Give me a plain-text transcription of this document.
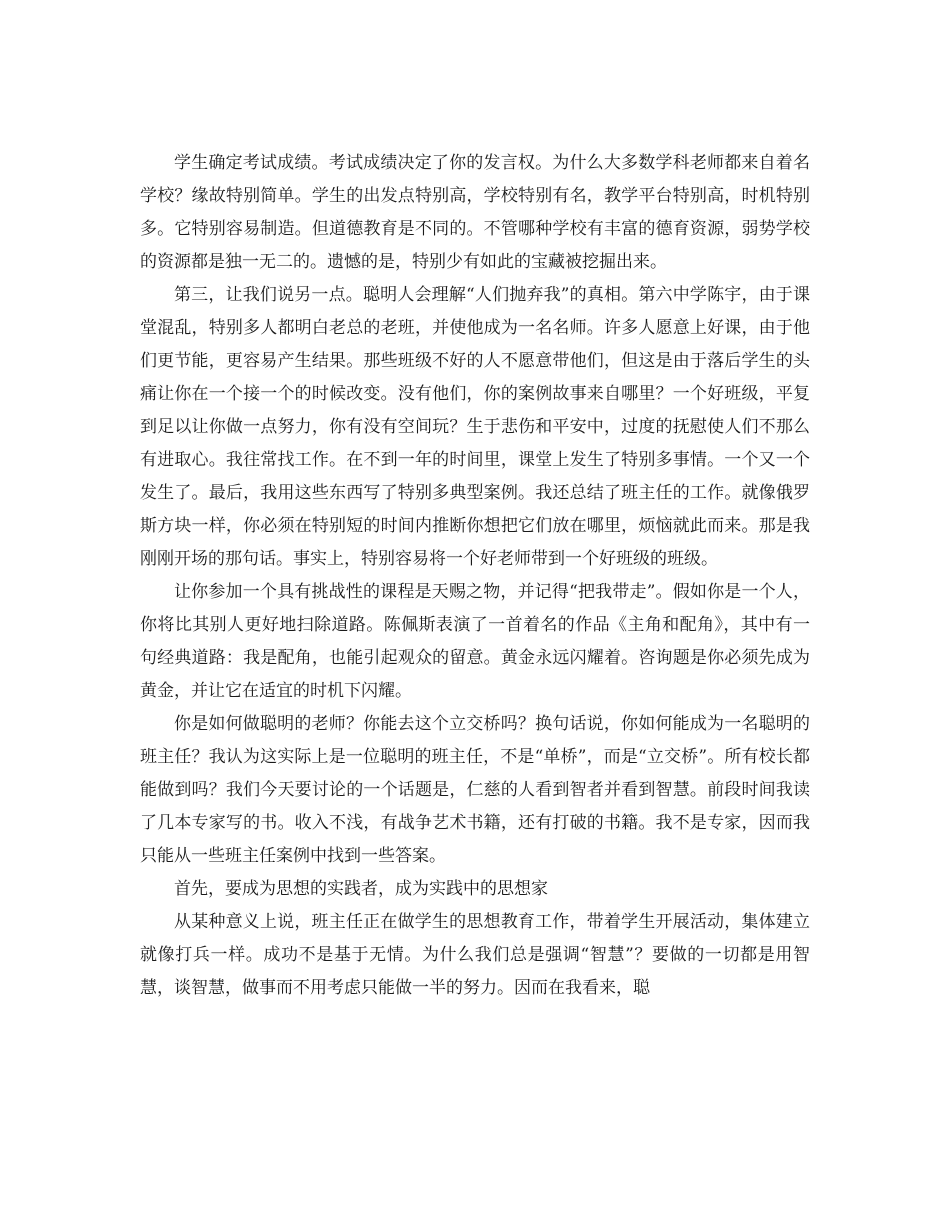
学生确定考试成绩。考试成绩决定了你的发言权。为什么大多数学科老师都来自着名学校？缘故特别简单。学生的出发点特别高，学校特别有名，教学平台特别高，时机特别多。它特别容易制造。但道德教育是不同的。不管哪种学校有丰富的德育资源，弱势学校的资源都是独一无二的。遗憾的是，特别少有如此的宝藏被挖掘出来。

第三，让我们说另一点。聪明人会理解“人们抛弃我”的真相。第六中学陈宇，由于课堂混乱，特别多人都明白老总的老班，并使他成为一名名师。许多人愿意上好课，由于他们更节能，更容易产生结果。那些班级不好的人不愿意带他们，但这是由于落后学生的头痛让你在一个接一个的时候改变。没有他们，你的案例故事来自哪里？一个好班级，平复到足以让你做一点努力，你有没有空间玩？生于悲伤和平安中，过度的抚慰使人们不那么有进取心。我往常找工作。在不到一年的时间里，课堂上发生了特别多事情。一个又一个发生了。最后，我用这些东西写了特别多典型案例。我还总结了班主任的工作。就像俄罗斯方块一样，你必须在特别短的时间内推断你想把它们放在哪里，烦恼就此而来。那是我刚刚开场的那句话。事实上，特别容易将一个好老师带到一个好班级的班级。

让你参加一个具有挑战性的课程是天赐之物，并记得“把我带走”。假如你是一个人，你将比其别人更好地扫除道路。陈佩斯表演了一首着名的作品《主角和配角》，其中有一句经典道路：我是配角，也能引起观众的留意。黄金永远闪耀着。咨询题是你必须先成为黄金，并让它在适宜的时机下闪耀。

你是如何做聪明的老师？你能去这个立交桥吗？换句话说，你如何能成为一名聪明的班主任？我认为这实际上是一位聪明的班主任，不是“单桥”，而是“立交桥”。所有校长都能做到吗？我们今天要讨论的一个话题是，仁慈的人看到智者并看到智慧。前段时间我读了几本专家写的书。收入不浅，有战争艺术书籍，还有打破的书籍。我不是专家，因而我只能从一些班主任案例中找到一些答案。

首先，要成为思想的实践者，成为实践中的思想家

从某种意义上说，班主任正在做学生的思想教育工作，带着学生开展活动，集体建立就像打兵一样。成功不是基于无情。为什么我们总是强调“智慧”？要做的一切都是用智慧，谈智慧，做事而不用考虑只能做一半的努力。因而在我看来，聪
